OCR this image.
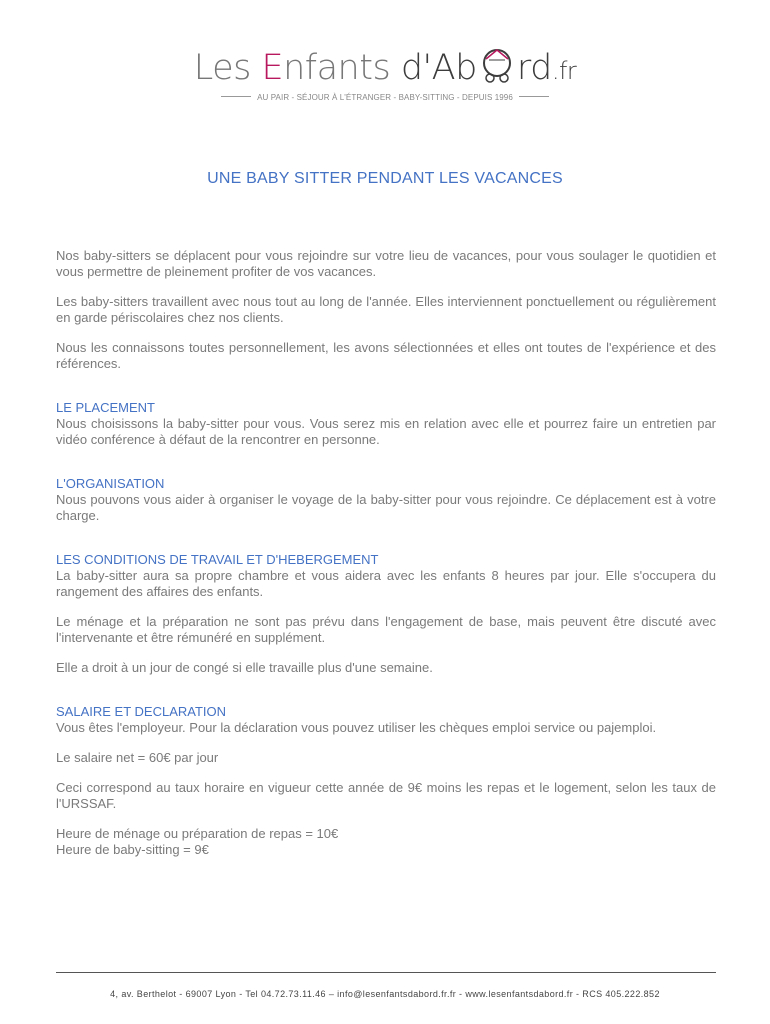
Les Enfants d'Ab rd.fr
AU PAIR - SÉJOUR À L'ÉTRANGER - BABY-SITTING - DEPUIS 1996
UNE BABY SITTER PENDANT LES VACANCES

Nos baby-sitters se déplacent pour vous rejoindre sur votre lieu de vacances, pour vous soulager le quotidien et vous permettre de pleinement profiter de vos vacances.

Les baby-sitters travaillent avec nous tout au long de l'année. Elles interviennent ponctuellement ou régulièrement en garde périscolaires chez nos clients.

Nous les connaissons toutes personnellement, les avons sélectionnées et elles ont toutes de l'expérience et des références.

LE PLACEMENT

Nous choisissons la baby-sitter pour vous. Vous serez mis en relation avec elle et pourrez faire un entretien par vidéo conférence à défaut de la rencontrer en personne.

L'ORGANISATION

Nous pouvons vous aider à organiser le voyage de la baby-sitter pour vous rejoindre. Ce déplacement est à votre charge.

LES CONDITIONS DE TRAVAIL ET D'HEBERGEMENT

La baby-sitter aura sa propre chambre et vous aidera avec les enfants 8 heures par jour. Elle s'occupera du rangement des affaires des enfants.

Le ménage et la préparation ne sont pas prévu dans l'engagement de base, mais peuvent être discuté avec l'intervenante et être rémunéré en supplément.

Elle a droit à un jour de congé si elle travaille plus d'une semaine.

SALAIRE ET DECLARATION

Vous êtes l'employeur. Pour la déclaration vous pouvez utiliser les chèques emploi service ou pajemploi.

Le salaire net = 60€ par jour

Ceci correspond au taux horaire en vigueur cette année de 9€ moins les repas et le logement, selon les taux de l'URSSAF.

Heure de ménage ou préparation de repas = 10€
Heure de baby-sitting = 9€
4, av. Berthelot - 69007 Lyon - Tel 04.72.73.11.46 – info@lesenfantsdabord.fr.fr - www.lesenfantsdabord.fr - RCS 405.222.852
